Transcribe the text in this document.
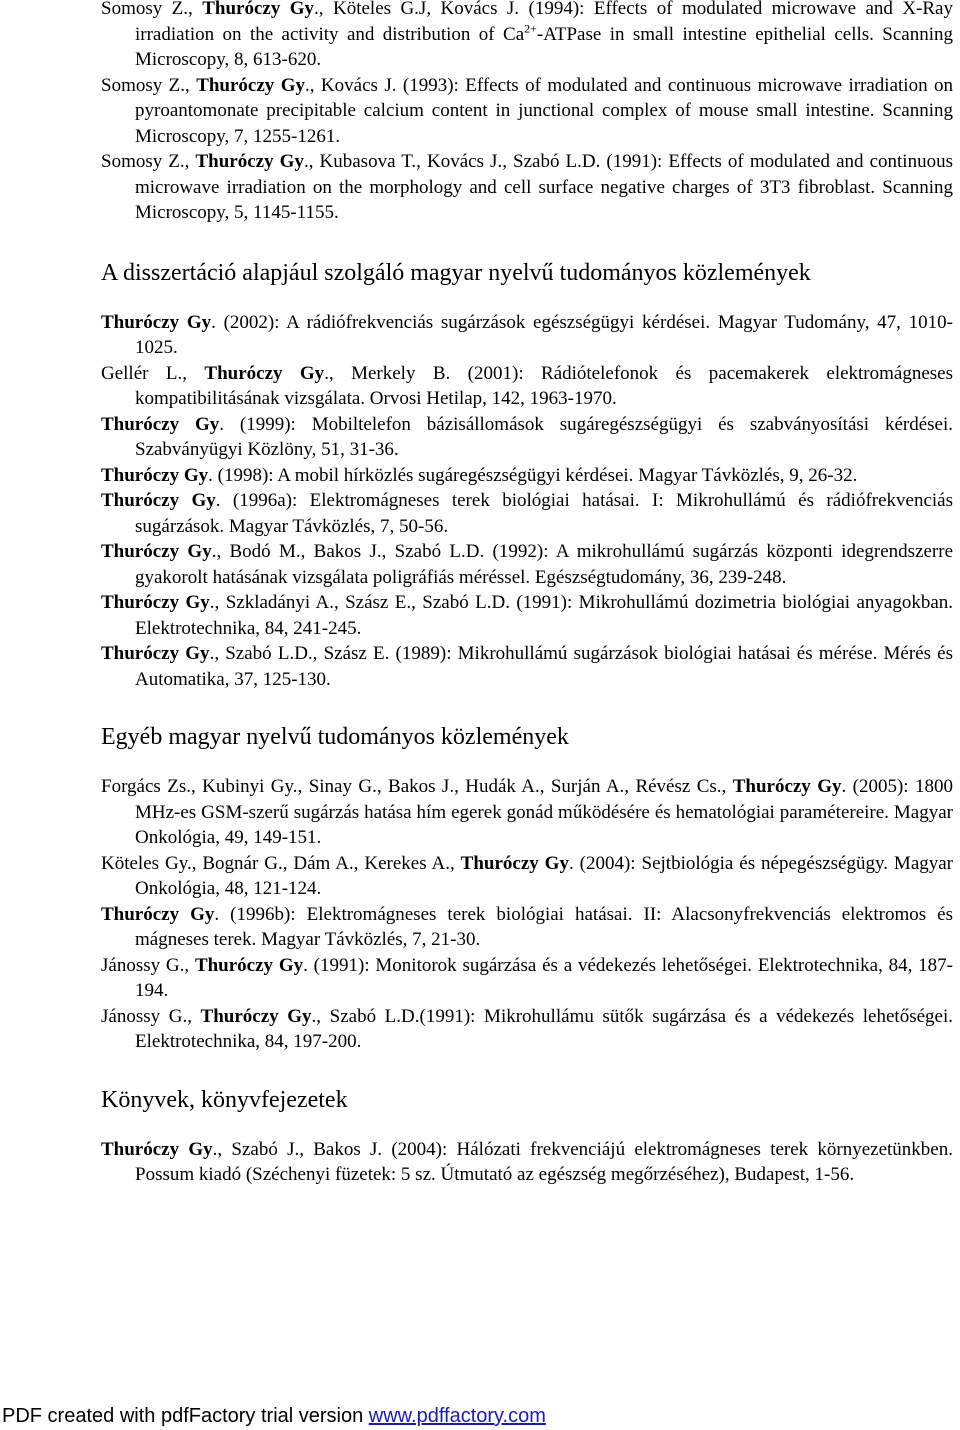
Somosy Z., Thuróczy Gy., Köteles G.J, Kovács J. (1994): Effects of modulated microwave and X-Ray irradiation on the activity and distribution of $Ca^{2+}$-ATPase in small intestine epithelial cells. Scanning Microscopy, 8, 613-620.

Somosy Z., Thuróczy Gy., Kovács J. (1993): Effects of modulated and continuous microwave irradiation on pyroantomonate precipitable calcium content in junctional complex of mouse small intestine. Scanning Microscopy, 7, 1255-1261.

Somosy Z., Thuróczy Gy., Kubasova T., Kovács J., Szabó L.D. (1991): Effects of modulated and continuous microwave irradiation on the morphology and cell surface negative charges of 3T3 fibroblast. Scanning Microscopy, 5, 1145-1155.

A disszertáció alapjául szolgáló magyar nyelvű tudományos közlemények

Thuróczy Gy. (2002): A rádiófrekvenciás sugárzások egészségügyi kérdései. Magyar Tudomány, 47, 1010-1025.

Gellér L., Thuróczy Gy., Merkely B. (2001): Rádiótelefonok és pacemakerek elektromágneses kompatibilitásának vizsgálata. Orvosi Hetilap, 142, 1963-1970.

Thuróczy Gy. (1999): Mobiltelefon bázisállomások sugáregészségügyi és szabványosítási kérdései. Szabványügyi Közlöny, 51, 31-36.

Thuróczy Gy. (1998): A mobil hírközlés sugáregészségügyi kérdései. Magyar Távközlés, 9, 26-32.

Thuróczy Gy. (1996a): Elektromágneses terek biológiai hatásai. I: Mikrohullámú és rádiófrekvenciás sugárzások. Magyar Távközlés, 7, 50-56.

Thuróczy Gy., Bodó M., Bakos J., Szabó L.D. (1992): A mikrohullámú sugárzás központi idegrendszerre gyakorolt hatásának vizsgálata poligráfiás méréssel. Egészségtudomány, 36, 239-248.

Thuróczy Gy., Szkladányi A., Szász E., Szabó L.D. (1991): Mikrohullámú dozimetria biológiai anyagokban. Elektrotechnika, 84, 241-245.

Thuróczy Gy., Szabó L.D., Szász E. (1989): Mikrohullámú sugárzások biológiai hatásai és mérése. Mérés és Automatika, 37, 125-130.

Egyéb magyar nyelvű tudományos közlemények

Forgács Zs., Kubinyi Gy., Sinay G., Bakos J., Hudák A., Surján A., Révész Cs., Thuróczy Gy. (2005): 1800 MHz-es GSM-szerű sugárzás hatása hím egerek gonád működésére és hematológiai paramétereire. Magyar Onkológia, 49, 149-151.

Köteles Gy., Bognár G., Dám A., Kerekes A., Thuróczy Gy. (2004): Sejtbiológia és népegészségügy. Magyar Onkológia, 48, 121-124.

Thuróczy Gy. (1996b): Elektromágneses terek biológiai hatásai. II: Alacsonyfrekvenciás elektromos és mágneses terek. Magyar Távközlés, 7, 21-30.

Jánossy G., Thuróczy Gy. (1991): Monitorok sugárzása és a védekezés lehetőségei. Elektrotechnika, 84, 187-194.

Jánossy G., Thuróczy Gy., Szabó L.D.(1991): Mikrohullámu sütők sugárzása és a védekezés lehetőségei. Elektrotechnika, 84, 197-200.

Könyvek, könyvfejezetek

Thuróczy Gy., Szabó J., Bakos J. (2004): Hálózati frekvenciájú elektromágneses terek környezetünkben. Possum kiadó (Széchenyi füzetek: 5 sz. Útmutató az egészség megőrzéséhez), Budapest, 1-56.

PDF created with pdfFactory trial version www.pdffactory.com
